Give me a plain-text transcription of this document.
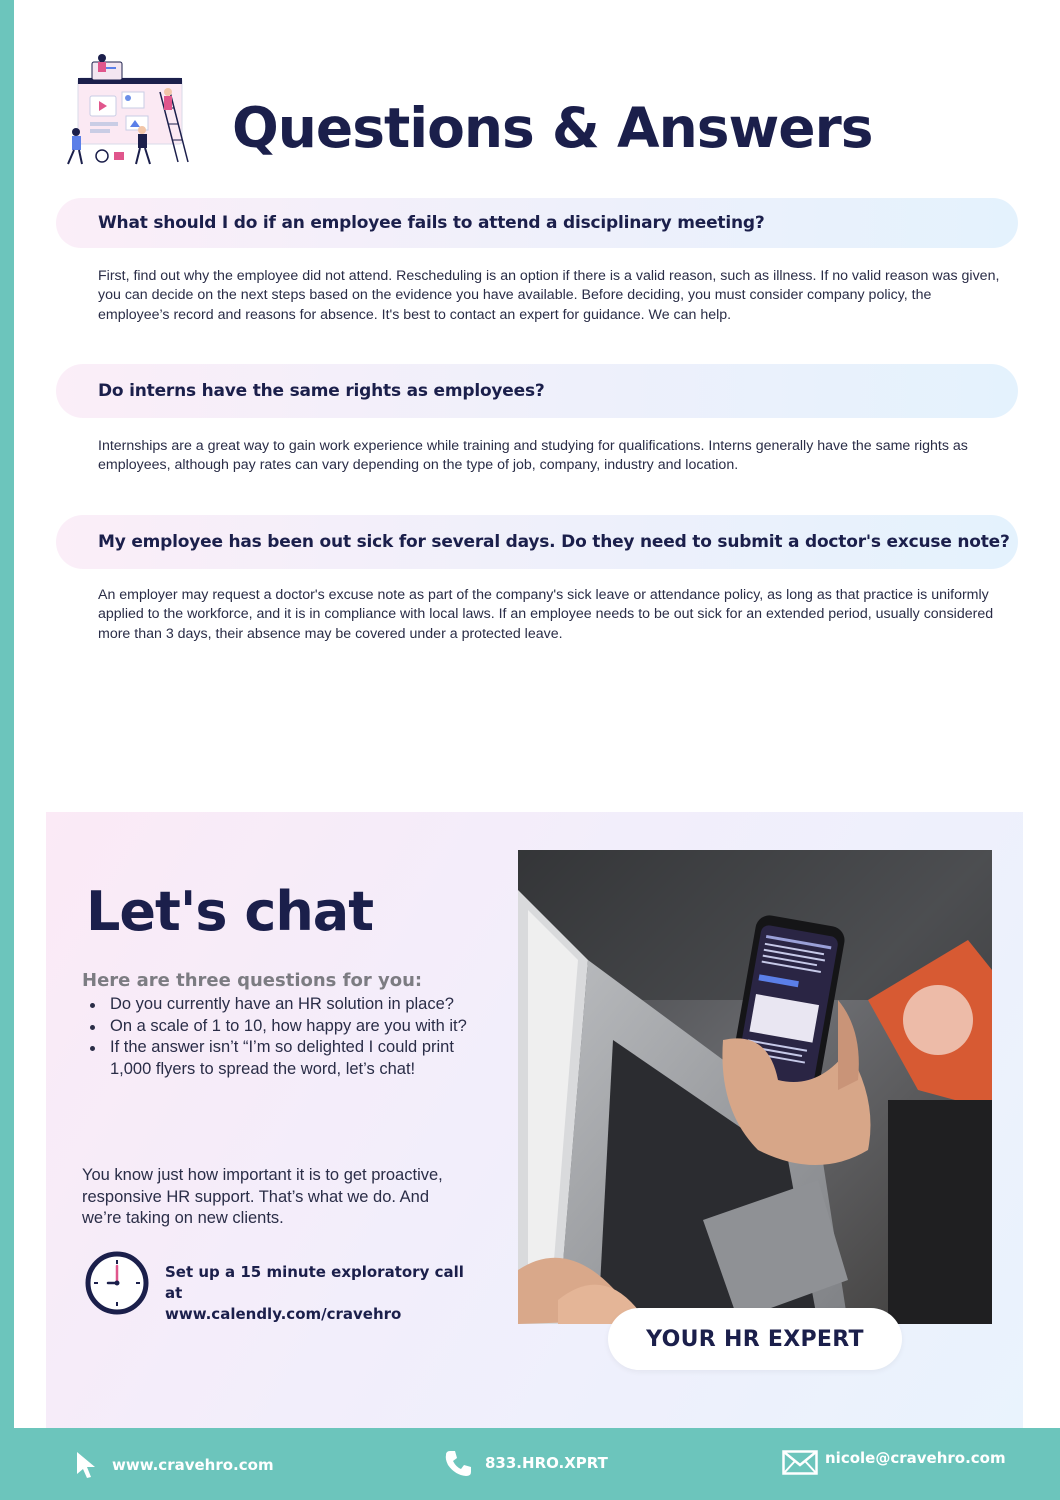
Questions & Answers
What should I do if an employee fails to attend a disciplinary meeting?

First, find out why the employee did not attend. Rescheduling is an option if there is a valid reason, such as illness. If no valid reason was given, you can decide on the next steps based on the evidence you have available. Before deciding, you must consider company policy, the employee’s record and reasons for absence. It's best to contact an expert for guidance. We can help.

Do interns have the same rights as employees?

Internships are a great way to gain work experience while training and studying for qualifications. Interns generally have the same rights as employees, although pay rates can vary depending on the type of job, company, industry and location.

My employee has been out sick for several days. Do they need to submit a doctor's excuse note?

An employer may request a doctor's excuse note as part of the company's sick leave or attendance policy, as long as that practice is uniformly applied to the workforce, and it is in compliance with local laws. If an employee needs to be out sick for an extended period, usually considered more than 3 days, their absence may be covered under a protected leave.

Let's chat
Here are three questions for you:
Do you currently have an HR solution in place?
On a scale of 1 to 10, how happy are you with it?
If the answer isn’t “I’m so delighted I could print 1,000 flyers to spread the word, let’s chat!

You know just how important it is to get proactive, responsive HR support. That’s what we do. And we’re taking on new clients.

Set up a 15 minute exploratory call at
www.calendly.com/cravehro
YOUR HR EXPERT
www.cravehro.com	833.HRO.XPRT	nicole@cravehro.com
